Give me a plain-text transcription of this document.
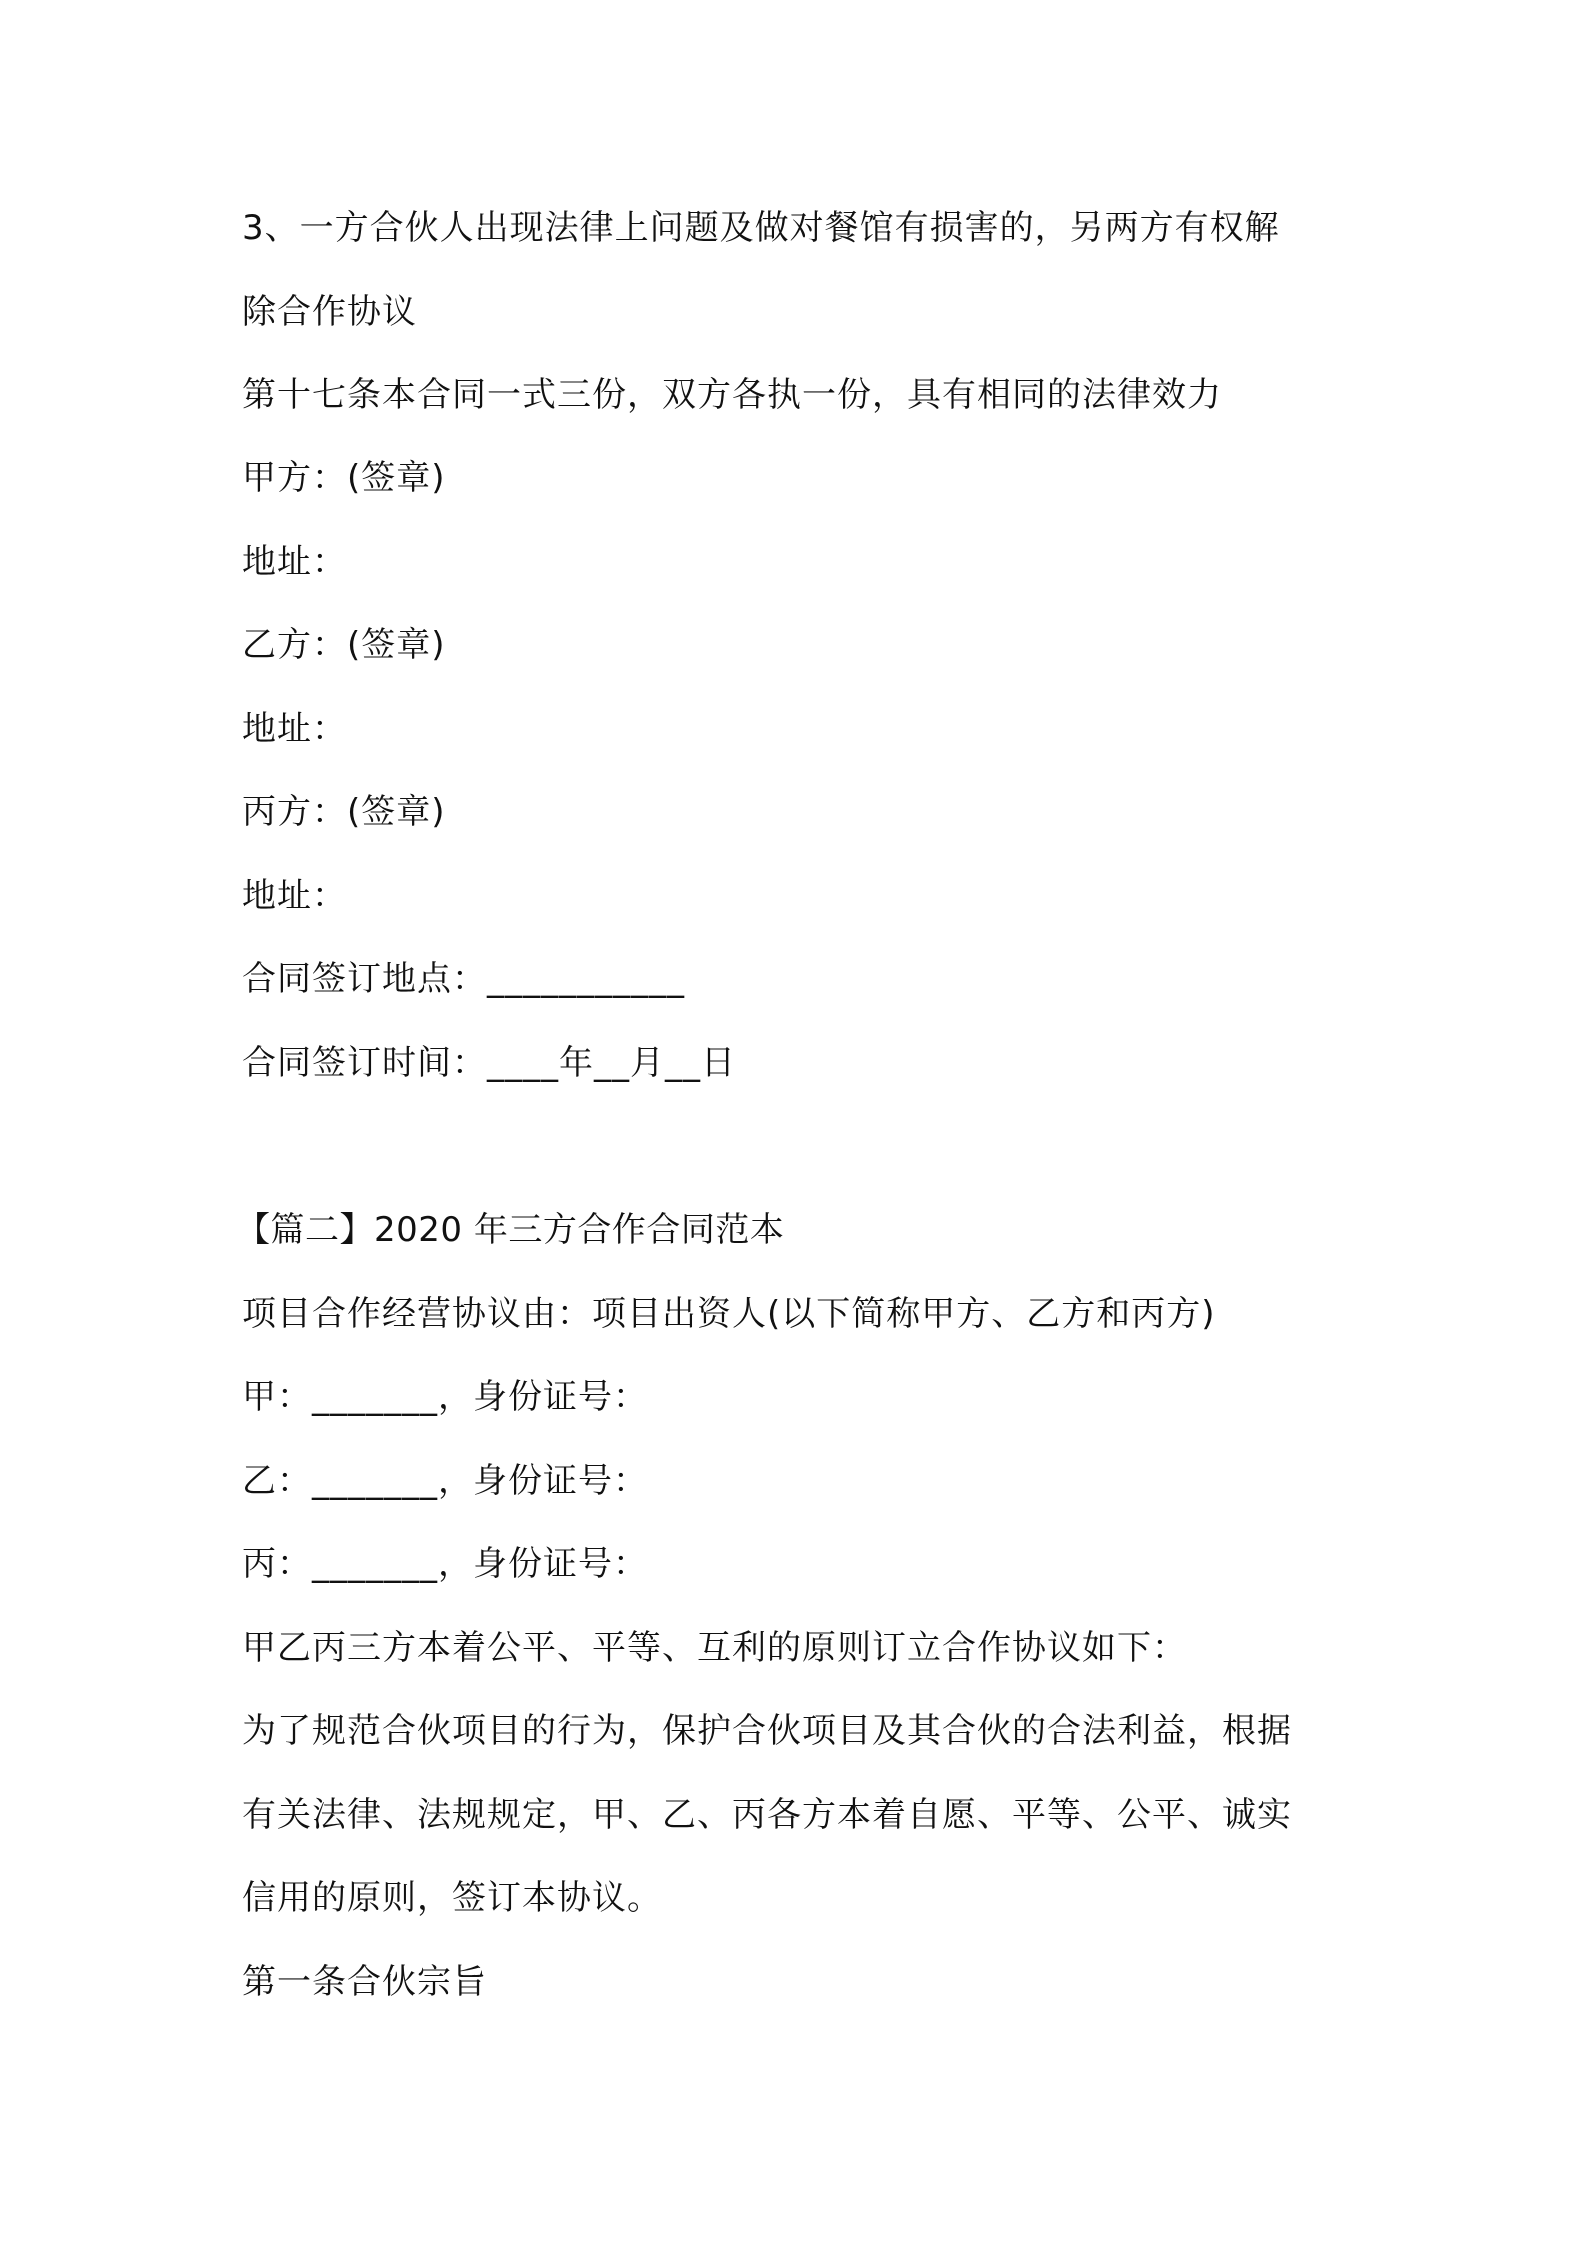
3、一方合伙人出现法律上问题及做对餐馆有损害的，另两方有权解
除合作协议
第十七条本合同一式三份，双方各执一份，具有相同的法律效力
甲方：(签章)
地址：
乙方：(签章)
地址：
丙方：(签章)
地址：
合同签订地点：___________
合同签订时间：____年__月__日
【篇二】2020 年三方合作合同范本
项目合作经营协议由：项目出资人(以下简称甲方、乙方和丙方)
甲：_______，身份证号：
乙：_______，身份证号：
丙：_______，身份证号：
甲乙丙三方本着公平、平等、互利的原则订立合作协议如下：
为了规范合伙项目的行为，保护合伙项目及其合伙的合法利益，根据
有关法律、法规规定，甲、乙、丙各方本着自愿、平等、公平、诚实
信用的原则，签订本协议。
第一条合伙宗旨
